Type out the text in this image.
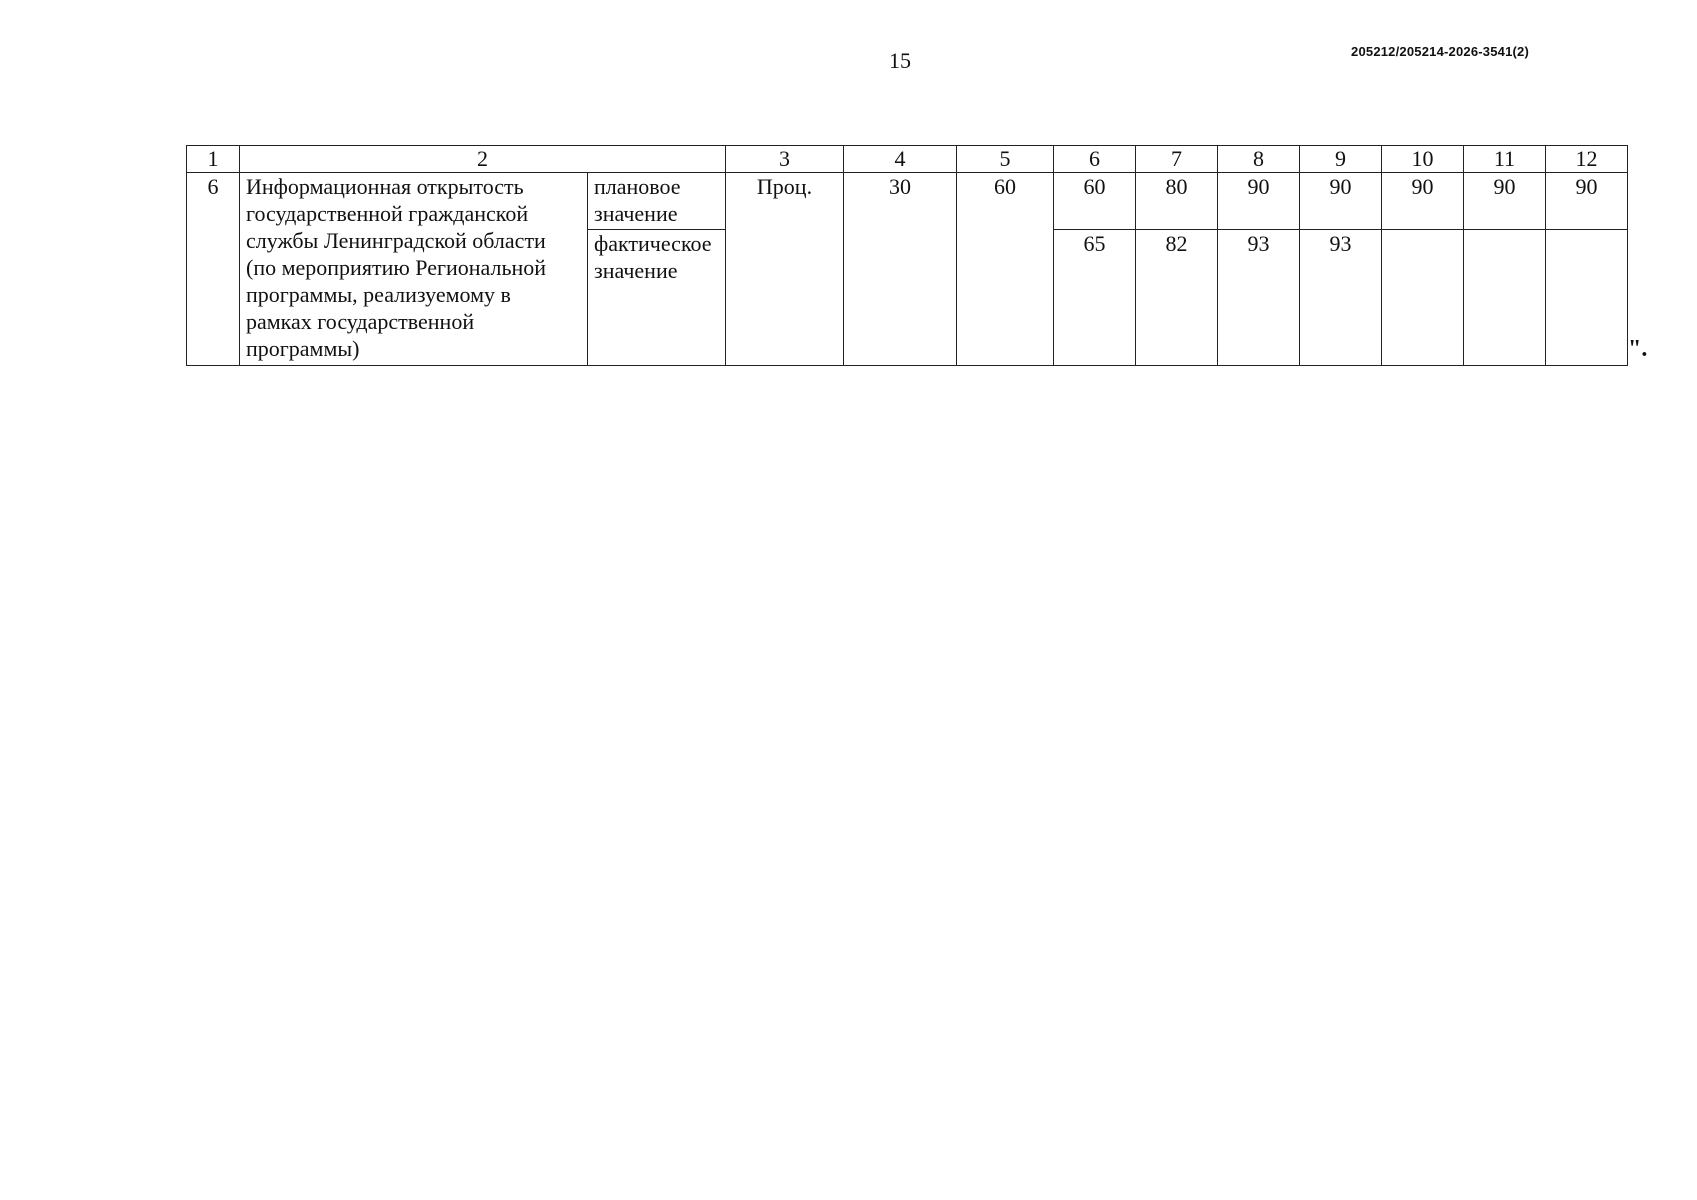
15	205212/205214-2026-3541(2)
1	2		3	4	5	6	7	8	9	10	11	12
6	Информационная открытость государственной гражданской службы Ленинградской области (по мероприятию Региональной программы, реализуемому в рамках государственной программы)	плановое значение	Проц.	30	60	60	80	90	90	90	90	90
		фактическое значение				65	82	93	93			
".
